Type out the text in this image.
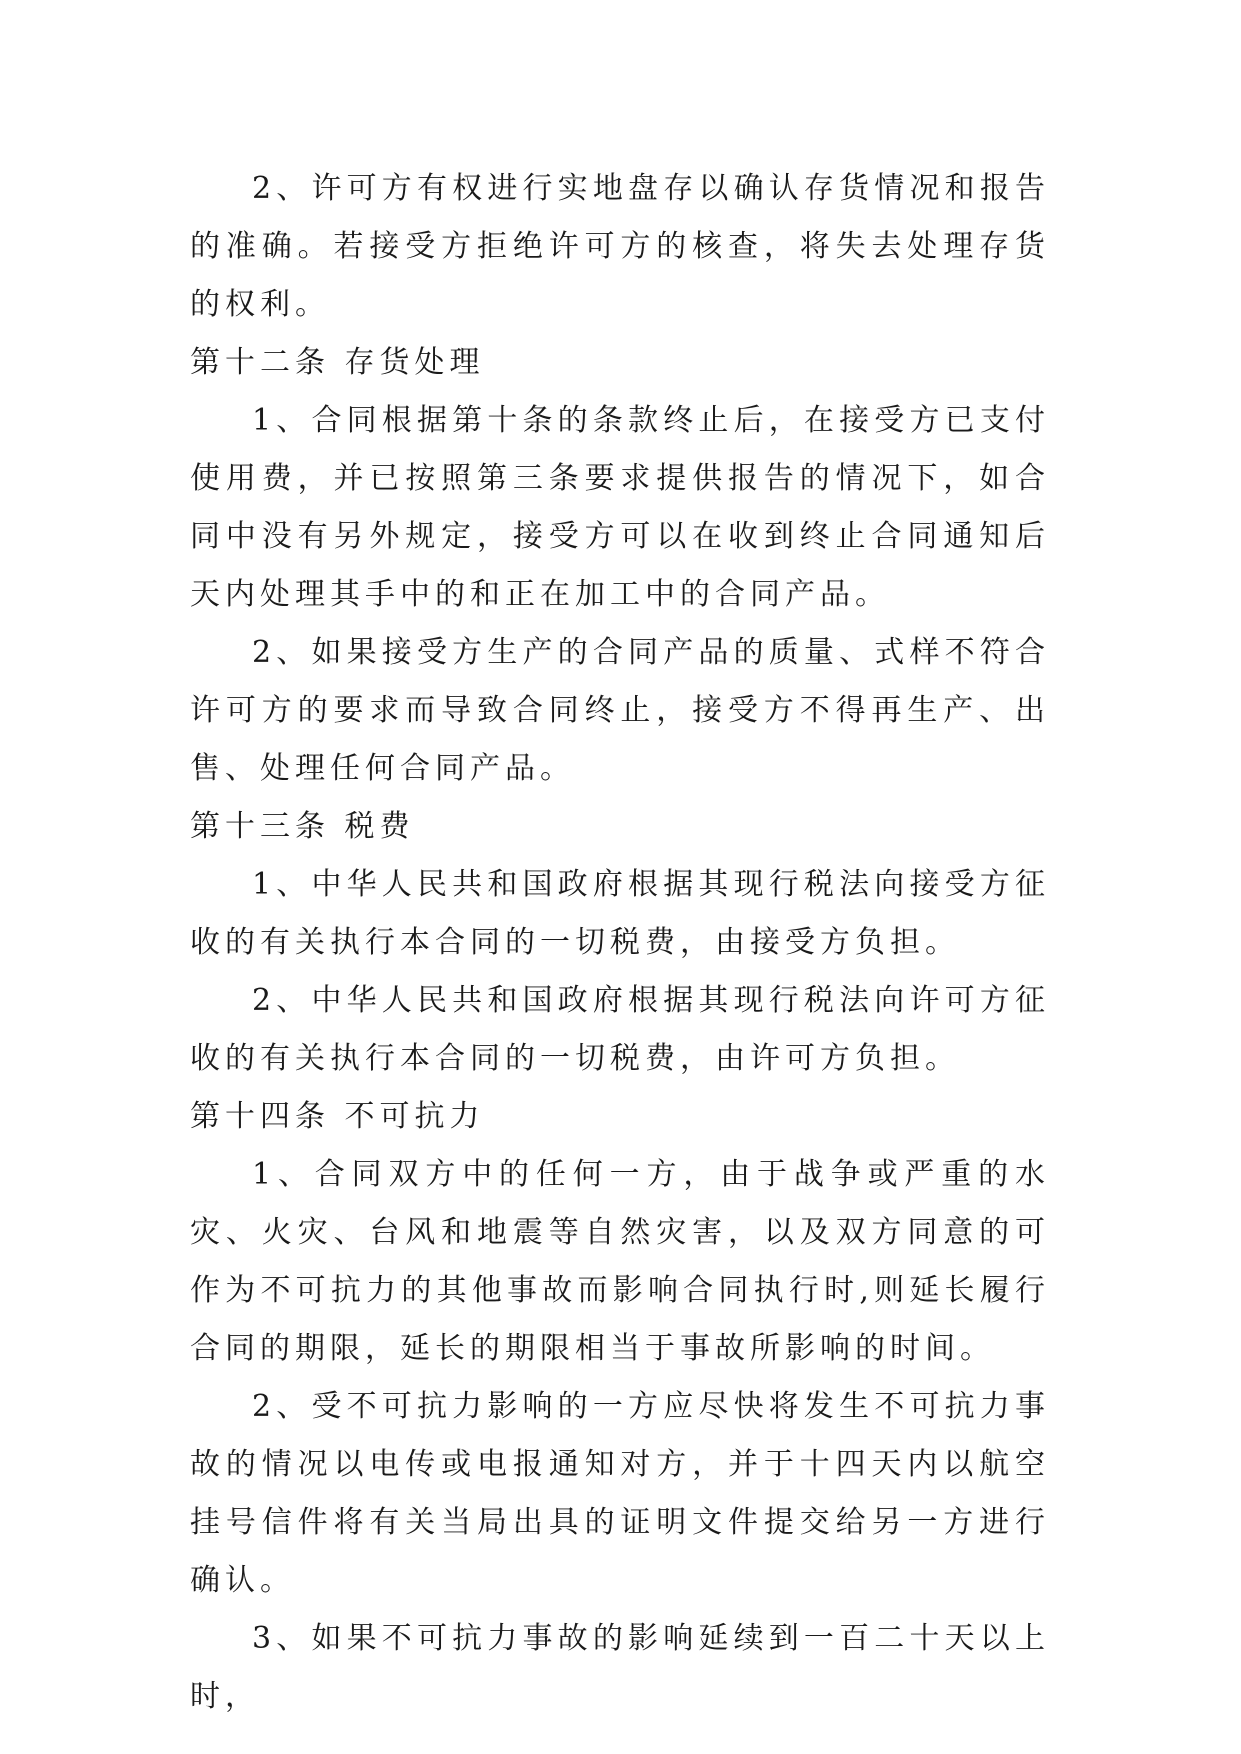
2、许可方有权进行实地盘存以确认存货情况和报告的准确。若接受方拒绝许可方的核查，将失去处理存货的权利。

第十二条 存货处理

1、合同根据第十条的条款终止后，在接受方已支付使用费，并已按照第三条要求提供报告的情况下，如合同中没有另外规定，接受方可以在收到终止合同通知后天内处理其手中的和正在加工中的合同产品。

2、如果接受方生产的合同产品的质量、式样不符合许可方的要求而导致合同终止，接受方不得再生产、出售、处理任何合同产品。

第十三条 税费

1、中华人民共和国政府根据其现行税法向接受方征收的有关执行本合同的一切税费，由接受方负担。

2、中华人民共和国政府根据其现行税法向许可方征收的有关执行本合同的一切税费，由许可方负担。

第十四条 不可抗力

1、合同双方中的任何一方，由于战争或严重的水灾、火灾、台风和地震等自然灾害，以及双方同意的可作为不可抗力的其他事故而影响合同执行时,则延长履行合同的期限，延长的期限相当于事故所影响的时间。

2、受不可抗力影响的一方应尽快将发生不可抗力事故的情况以电传或电报通知对方，并于十四天内以航空挂号信件将有关当局出具的证明文件提交给另一方进行确认。

3、如果不可抗力事故的影响延续到一百二十天以上时，
